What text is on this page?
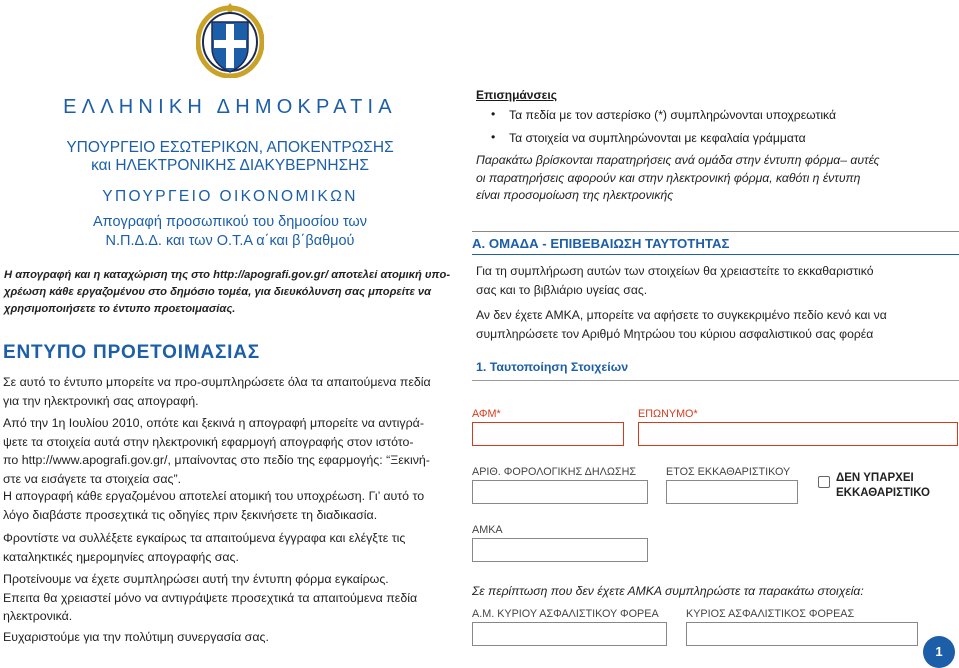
ΕΛΛΗΝΙΚΗ ΔΗΜΟΚΡΑΤΙΑ
ΥΠΟΥΡΓΕΙΟ ΕΣΩΤΕΡΙΚΩΝ, ΑΠΟΚΕΝΤΡΩΣΗΣ
και ΗΛΕΚΤΡΟΝΙΚΗΣ ΔΙΑΚΥΒΕΡΝΗΣΗΣ
ΥΠΟΥΡΓΕΙΟ ΟΙΚΟΝΟΜΙΚΩΝ
Απογραφή προσωπικού του δημοσίου των
Ν.Π.Δ.Δ. και των Ο.Τ.Α α΄και β΄βαθμού
Η απογραφή και η καταχώριση της στο http://apografi.gov.gr/ αποτελεί ατομική υπο-
χρέωση κάθε εργαζομένου στο δημόσιο τομέα, για διευκόλυνση σας μπορείτε να
χρησιμοποιήσετε το έντυπο προετοιμασίας.
ΕΝΤΥΠΟ ΠΡΟΕΤΟΙΜΑΣΙΑΣ
Σε αυτό το έντυπο μπορείτε να προ-συμπληρώσετε όλα τα απαιτούμενα πεδία
για την ηλεκτρονική σας απογραφή.
Από την 1η Ιουλίου 2010, οπότε και ξεκινά η απογραφή μπορείτε να αντιγρά-
ψετε τα στοιχεία αυτά στην ηλεκτρονική εφαρμογή απογραφής στον ιστότο-
πο http://www.apografi.gov.gr/, μπαίνοντας στο πεδίο της εφαρμογής: “Ξεκινή-
στε να εισάγετε τα στοιχεία σας”.
Η απογραφή κάθε εργαζομένου αποτελεί ατομική του υποχρέωση. Γι’ αυτό το
λόγο διαβάστε προσεχτικά τις οδηγίες πριν ξεκινήσετε τη διαδικασία.
Φροντίστε να συλλέξετε εγκαίρως τα απαιτούμενα έγγραφα και ελέγξτε τις
καταληκτικές ημερομηνίες απογραφής σας.
Προτείνουμε να έχετε συμπληρώσει αυτή την έντυπη φόρμα εγκαίρως.
Επειτα θα χρειαστεί μόνο να αντιγράψετε προσεχτικά τα απαιτούμενα πεδία
ηλεκτρονικά.
Ευχαριστούμε για την πολύτιμη συνεργασία σας.
Επισημάνσεις
• Τα πεδία με τον αστερίσκο (*) συμπληρώνονται υποχρεωτικά
• Τα στοιχεία να συμπληρώνονται με κεφαλαία γράμματα
Παρακάτω βρίσκονται παρατηρήσεις ανά ομάδα στην έντυπη φόρμα– αυτές
οι παρατηρήσεις αφορούν και στην ηλεκτρονική φόρμα, καθότι η έντυπη
είναι προσομοίωση της ηλεκτρονικής
Α. ΟΜΑΔΑ - ΕΠΙΒΕΒΑΙΩΣΗ ΤΑΥΤΟΤΗΤΑΣ
Για τη συμπλήρωση αυτών των στοιχείων θα χρειαστείτε το εκκαθαριστικό
σας και το βιβλιάριο υγείας σας.
Αν δεν έχετε ΑΜΚΑ, μπορείτε να αφήσετε το συγκεκριμένο πεδίο κενό και να
συμπληρώσετε τον Αριθμό Μητρώου του κύριου ασφαλιστικού σας φορέα
1. Ταυτοποίηση Στοιχείων
ΑΦΜ*	ΕΠΩΝΥΜΟ*
ΑΡΙΘ. ΦΟΡΟΛΟΓΙΚΗΣ ΔΗΛΩΣΗΣ	ΕΤΟΣ ΕΚΚΑΘΑΡΙΣΤΙΚΟΥ	ΔΕΝ ΥΠΑΡΧΕΙ
ΕΚΚΑΘΑΡΙΣΤΙΚΟ
ΑΜΚΑ
Σε περίπτωση που δεν έχετε ΑΜΚΑ συμπληρώστε τα παρακάτω στοιχεία:
Α.Μ. ΚΥΡΙΟΥ ΑΣΦΑΛΙΣΤΙΚΟΥ ΦΟΡΕΑ	ΚΥΡΙΟΣ ΑΣΦΑΛΙΣΤΙΚΟΣ ΦΟΡΕΑΣ
1
